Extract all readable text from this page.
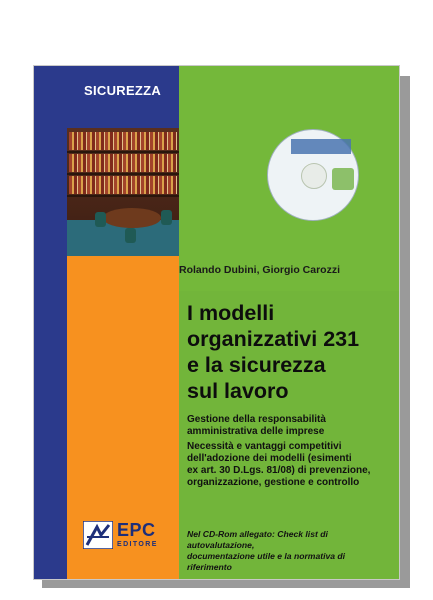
SICUREZZA
Rolando Dubini, Giorgio Carozzi
I modelli
organizzativi 231
e la sicurezza
sul lavoro
Gestione della responsabilità
amministrativa delle imprese
Necessità e vantaggi competitivi
dell'adozione dei modelli (esimenti
ex art. 30 D.Lgs. 81/08) di prevenzione,
organizzazione, gestione e controllo
Nel CD-Rom allegato: Check list di autovalutazione,
documentazione utile e la normativa di riferimento
EPC
EDITORE
